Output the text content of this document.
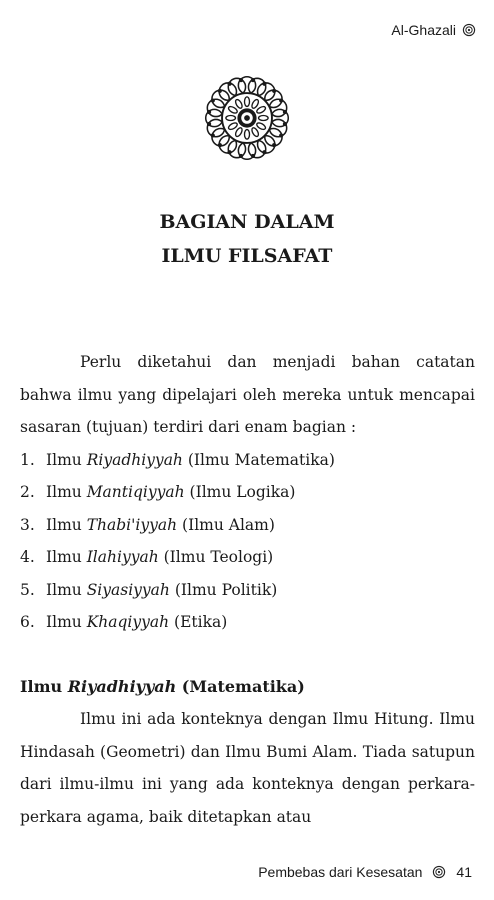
Al-Ghazali
BAGIAN DALAM
ILMU FILSAFAT

Perlu diketahui dan menjadi bahan catatan bahwa ilmu yang dipelajari oleh mereka untuk mencapai sasaran (tujuan) terdiri dari enam bagian :

1. Ilmu Riyadhiyyah (Ilmu Matematika)
2. Ilmu Mantiqiyyah (Ilmu Logika)
3. Ilmu Thabi'iyyah (Ilmu Alam)
4. Ilmu Ilahiyyah (Ilmu Teologi)
5. Ilmu Siyasiyyah (Ilmu Politik)
6. Ilmu Khaqiyyah (Etika)
Ilmu Riyadhiyyah (Matematika)

Ilmu ini ada konteknya dengan Ilmu Hitung. Ilmu Hindasah (Geometri) dan Ilmu Bumi Alam. Tiada satupun dari ilmu-ilmu ini yang ada konteknya dengan perkara-perkara agama, baik ditetapkan atau

Pembebas dari Kesesatan 41
